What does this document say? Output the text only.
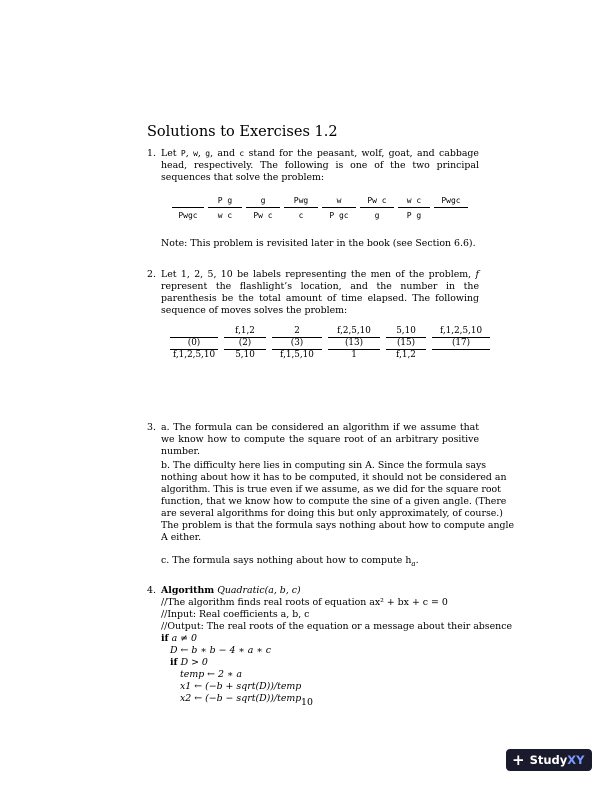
Solutions to Exercises 1.2
1. Let P, w, g, and c stand for the peasant, wolf, goat, and cabbage head, respectively. The following is one of the two principal sequences that solve the problem:

Pwgc
P g
w c
g
Pw c
Pwg
c
w
P gc
Pw c
g
w c
P g
Pwgc
Note: This problem is revisited later in the book (see Section 6.6).
2. Let 1, 2, 5, 10 be labels representing the men of the problem, f represent the flashlight’s location, and the number in the parenthesis be the total amount of time elapsed. The following sequence of moves solves the problem:

(0)
f,1,2,5,10
f,1,2
(2)
5,10
2
(3)
f,1,5,10
f,2,5,10
(13)
1
5,10
(15)
f,1,2
f,1,2,5,10
(17)
3. a. The formula can be considered an algorithm if we assume that we know how to compute the square root of an arbitrary positive number.

b. The difficulty here lies in computing sin A. Since the formula says
nothing about how it has to be computed, it should not be considered an
algorithm. This is true even if we assume, as we did for the square root
function, that we know how to compute the sine of a given angle. (There
are several algorithms for doing this but only approximately, of course.)
The problem is that the formula says nothing about how to compute angle
A either.
c. The formula says nothing about how to compute $h_a$.
4. Algorithm Quadratic(a, b, c)
//The algorithm finds real roots of equation ax² + bx + c = 0
//Input: Real coefficients a, b, c
//Output: The real roots of the equation or a message about their absence
if a ≠ 0
D ← b ∗ b − 4 ∗ a ∗ c
if D > 0
temp ← 2 ∗ a
x1 ← (−b + sqrt(D))/temp
x2 ← (−b − sqrt(D))/temp 10
+ Study XY
